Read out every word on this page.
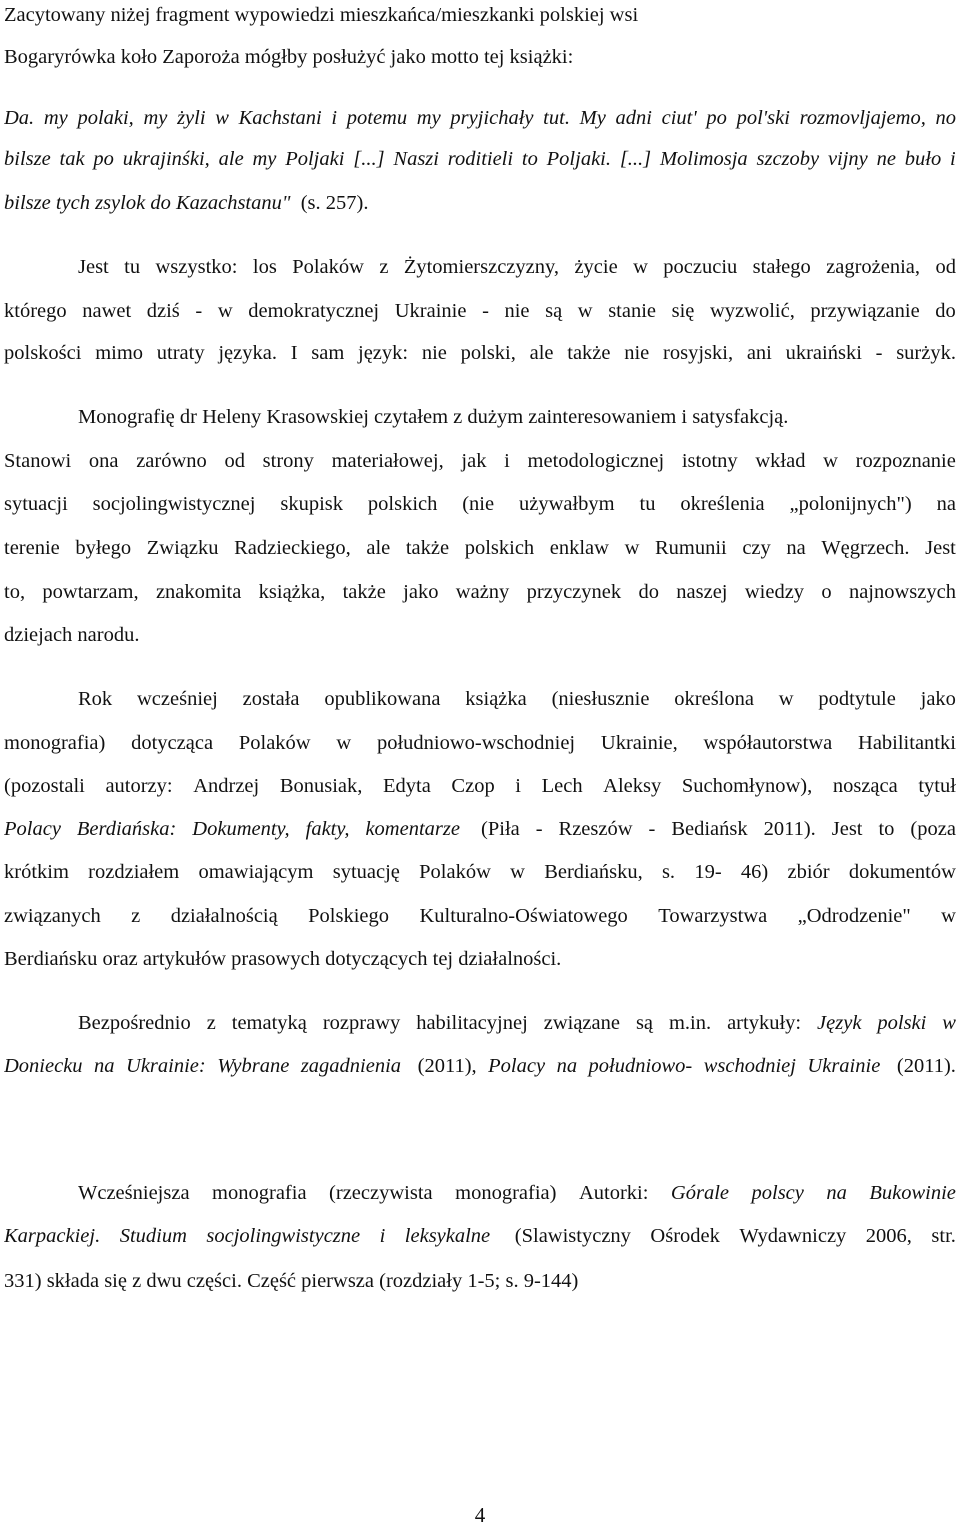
Zacytowany niżej fragment wypowiedzi mieszkańca/mieszkanki polskiej wsi
Bogaryrówka koło Zaporoża mógłby posłużyć jako motto tej książki:
Da. my polaki, my żyli w Kachstani i potemu my pryjichały tut. My adni ciut' po pol'ski rozmovljajemo, no
bilsze tak po ukrajinśki, ale my Poljaki [...] Naszi roditieli to Poljaki. [...] Molimosja szczoby vijny ne buło i
bilsze tych zsylok do Kazachstanu"  (s. 257).
Jest tu wszystko: los Polaków z Żytomierszczyzny, życie w poczuciu stałego zagrożenia, od
którego nawet dziś - w demokratycznej Ukrainie - nie są w stanie się wyzwolić, przywiązanie do
polskości mimo utraty języka. I sam język: nie polski, ale także nie rosyjski, ani ukraiński - surżyk.
Monografię dr Heleny Krasowskiej czytałem z dużym zainteresowaniem i satysfakcją.
Stanowi ona zarówno od strony materiałowej, jak i metodologicznej istotny wkład w rozpoznanie
sytuacji socjolingwistycznej skupisk polskich (nie używałbym tu określenia „polonijnych") na
terenie byłego Związku Radzieckiego, ale także polskich enklaw w Rumunii czy na Węgrzech. Jest
to, powtarzam, znakomita książka, także jako ważny przyczynek do naszej wiedzy o najnowszych
dziejach narodu.
Rok wcześniej została opublikowana książka (niesłusznie określona w podtytule jako
monografia) dotycząca Polaków w południowo-wschodniej Ukrainie, współautorstwa Habilitantki
(pozostali autorzy: Andrzej Bonusiak, Edyta Czop i Lech Aleksy Suchomłynow), nosząca tytuł
Polacy Berdiańska: Dokumenty, fakty, komentarze (Piła - Rzeszów - Bediańsk 2011). Jest to (poza
krótkim rozdziałem omawiającym sytuację Polaków w Berdiańsku, s. 19- 46) zbiór dokumentów
związanych z działalnością Polskiego Kulturalno-Oświatowego Towarzystwa „Odrodzenie" w
Berdiańsku oraz artykułów prasowych dotyczących tej działalności.
Bezpośrednio z tematyką rozprawy habilitacyjnej związane są m.in. artykuły: Język polski w
Doniecku na Ukrainie: Wybrane zagadnienia (2011), Polacy na południowo- wschodniej Ukrainie (2011).
Wcześniejsza monografia (rzeczywista monografia) Autorki: Górale polscy na Bukowinie
Karpackiej. Studium socjolingwistyczne i leksykalne (Slawistyczny Ośrodek Wydawniczy 2006, str.
331) składa się z dwu części. Część pierwsza (rozdziały 1-5; s. 9-144)
4
